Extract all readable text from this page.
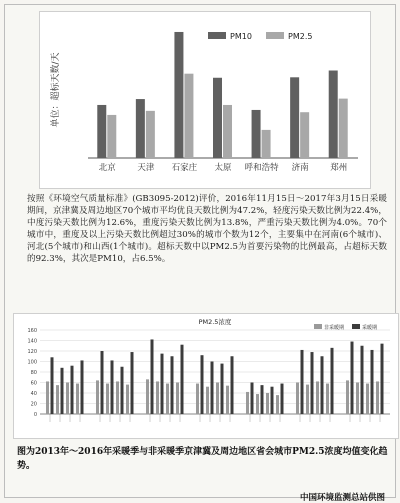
单位：超标天数/天
北京	天津 石家庄 太原 呼和浩特 济南	郑州
PM10	PM2.5
按照《环境空气质量标准》(GB3095-2012)评价，2016年11月15日～2017年3月15日采暖期间，京津冀及周边地区70个城市平均优良天数比例为47.2%，轻度污染天数比例为22.4%，中度污染天数比例为12.6%，重度污染天数比例为13.8%，严重污染天数比例为4.0%。70个城市中，重度及以上污染天数比例超过30%的城市个数为12个，主要集中在河南(6个城市)、河北(5个城市)和山西(1个城市)。超标天数中以PM2.5为首要污染物的比例最高，占超标天数的92.3%，其次是PM10，占6.5%。
0
20
40
60
80
100
120
140
160
PM2.5浓度
非采暖期	采暖期
图为2013年～2016年采暖季与非采暖季京津冀及周边地区省会城市PM2.5浓度均值变化趋势。
中国环境监测总站供图
